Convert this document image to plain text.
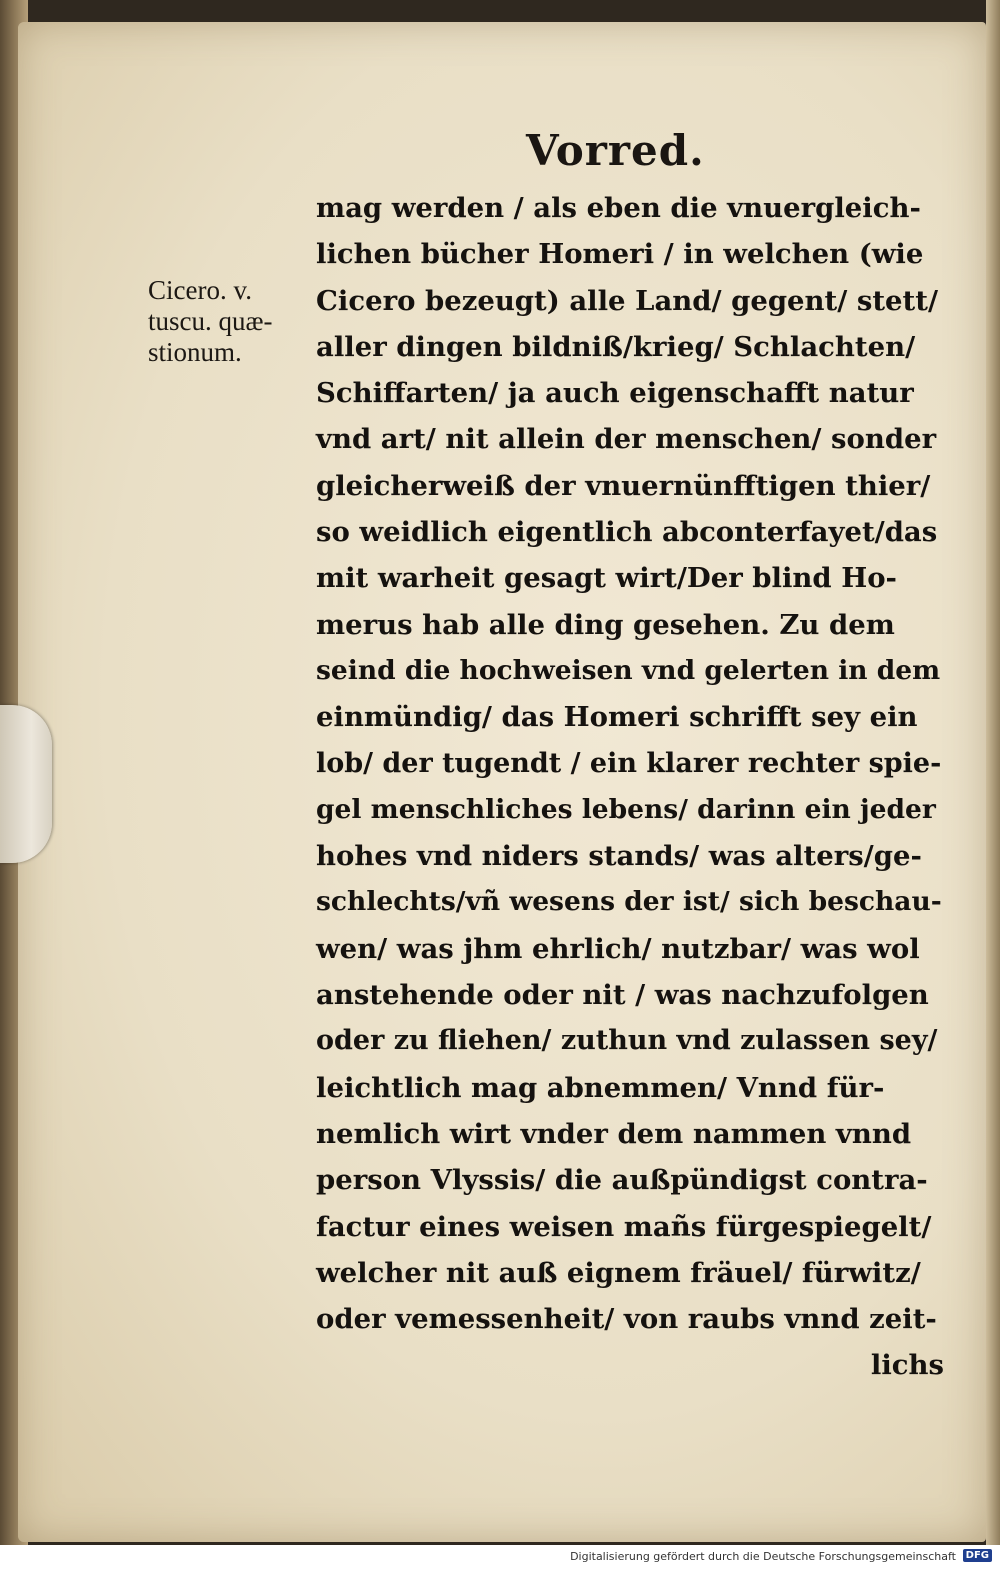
Vorred.
Cicero. v.
tuscu. quæ-
stionum.
mag werden / als eben die vnuergleich-
lichen bücher Homeri / in welchen (wie
Cicero bezeugt) alle Land/ gegent/ stett/
aller dingen bildniß/krieg/ Schlachten/
Schiffarten/ ja auch eigenschafft natur
vnd art/ nit allein der menschen/ sonder
gleicherweiß der vnuernünfftigen thier/
so weidlich eigentlich abconterfayet/das
mit warheit gesagt wirt/Der blind Ho-
merus hab alle ding gesehen. Zu dem
seind die hochweisen vnd gelerten in dem
einmündig/ das Homeri schrifft sey ein
lob/ der tugendt / ein klarer rechter spie-
gel menschliches lebens/ darinn ein jeder
hohes vnd niders stands/ was alters/ge-
schlechts/vñ wesens der ist/ sich beschau-
wen/ was jhm ehrlich/ nutzbar/ was wol
anstehende oder nit / was nachzufolgen
oder zu fliehen/ zuthun vnd zulassen sey/
leichtlich mag abnemmen/ Vnnd für-
nemlich wirt vnder dem nammen vnnd
person Vlyssis/ die außpündigst contra-
factur eines weisen mañs fürgespiegelt/
welcher nit auß eignem fräuel/ fürwitz/
oder vemessenheit/ von raubs vnnd zeit-
lichs
Digitalisierung gefördert durch die Deutsche Forschungsgemeinschaft DFG
